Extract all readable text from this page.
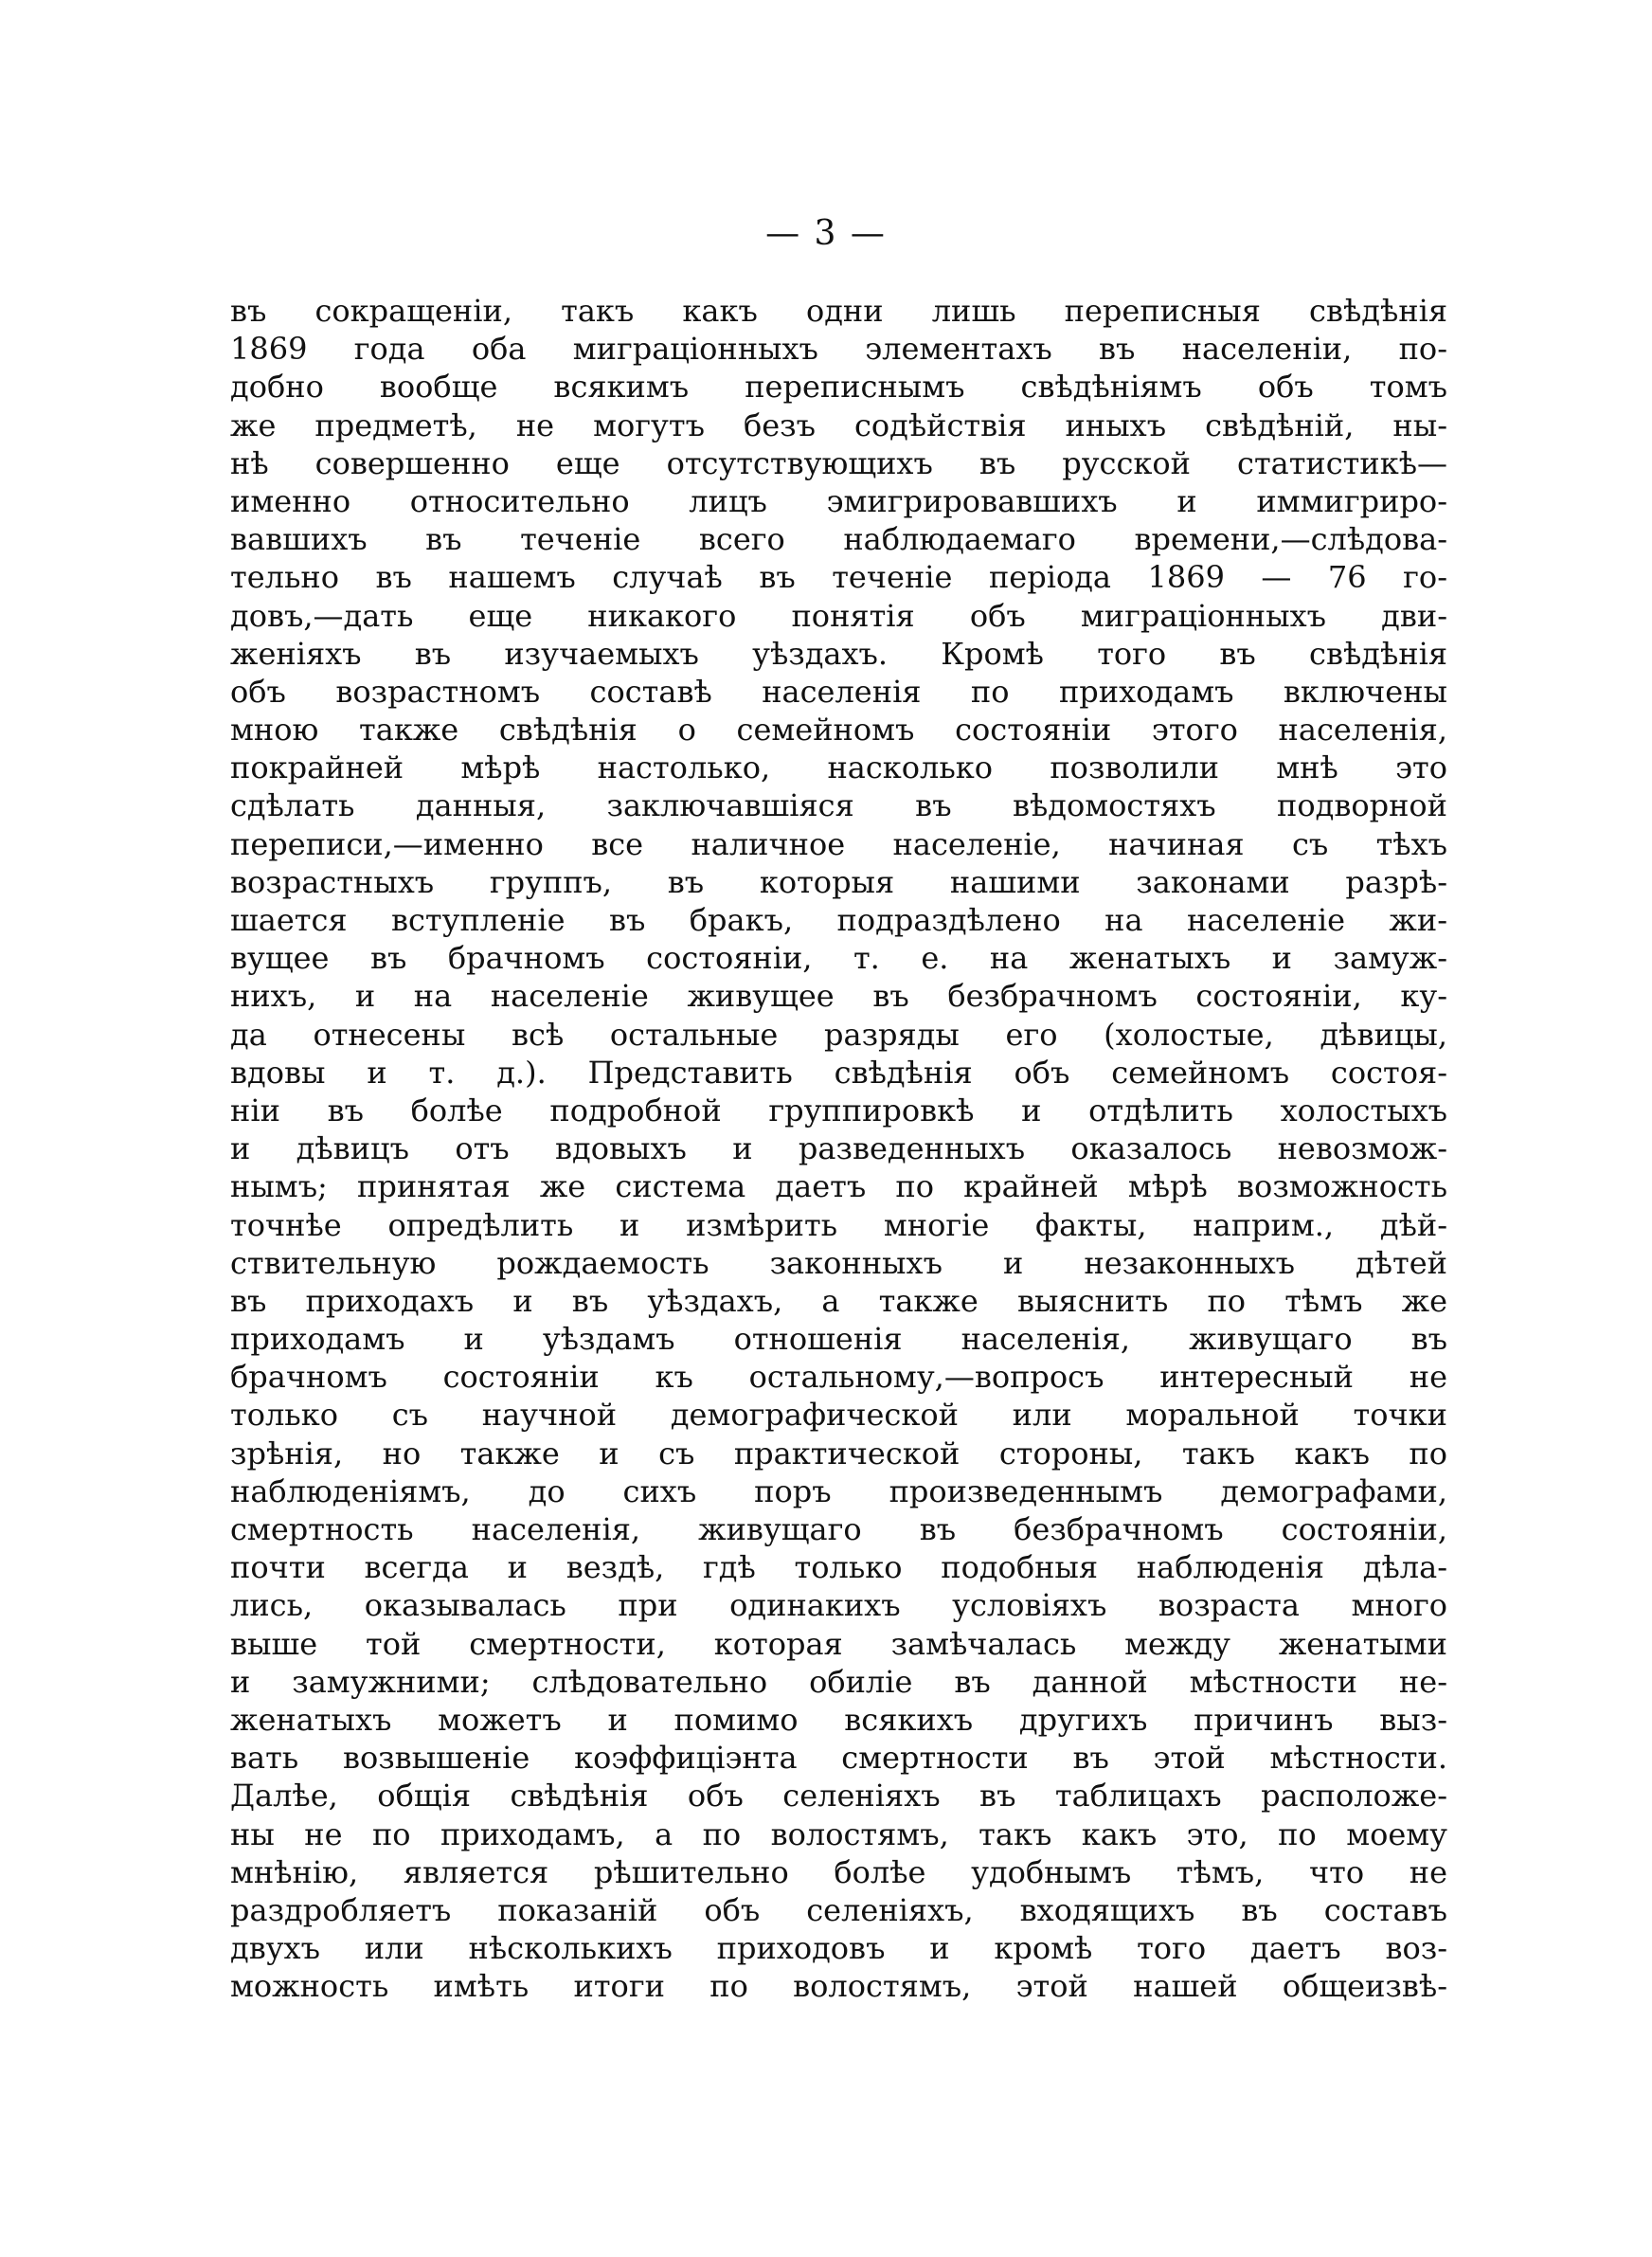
— 3 —
въ сокращеніи, такъ какъ одни лишь переписныя свѣдѣнія
1869 года оба миграціонныхъ элементахъ въ населеніи, по-
добно вообще всякимъ переписнымъ свѣдѣніямъ объ томъ
же предметѣ, не могутъ безъ содѣйствія иныхъ свѣдѣній, ны-
нѣ совершенно еще отсутствующихъ въ русской статистикѣ—
именно относительно лицъ эмигрировавшихъ и иммигриро-
вавшихъ въ теченіе всего наблюдаемаго времени,—слѣдова-
тельно въ нашемъ случаѣ въ теченіе періода 1869 — 76 го-
довъ,—дать еще никакого понятія объ миграціонныхъ дви-
женіяхъ въ изучаемыхъ уѣздахъ. Кромѣ того въ свѣдѣнія
объ возрастномъ составѣ населенія по приходамъ включены
мною также свѣдѣнія о семейномъ состояніи этого населенія,
покрайней мѣрѣ настолько, насколько позволили мнѣ это
сдѣлать данныя, заключавшіяся въ вѣдомостяхъ подворной
переписи,—именно все наличное населеніе, начиная съ тѣхъ
возрастныхъ группъ, въ которыя нашими законами разрѣ-
шается вступленіе въ бракъ, подраздѣлено на населеніе жи-
вущее въ брачномъ состояніи, т. е. на женатыхъ и замуж-
нихъ, и на населеніе живущее въ безбрачномъ состояніи, ку-
да отнесены всѣ остальные разряды его (холостые, дѣвицы,
вдовы и т. д.). Представить свѣдѣнія объ семейномъ состоя-
ніи въ болѣе подробной группировкѣ и отдѣлить холостыхъ
и дѣвицъ отъ вдовыхъ и разведенныхъ оказалось невозмож-
нымъ; принятая же система даетъ по крайней мѣрѣ возможность
точнѣе опредѣлить и измѣрить многіе факты, наприм., дѣй-
ствительную рождаемость законныхъ и незаконныхъ дѣтей
въ приходахъ и въ уѣздахъ, а также выяснить по тѣмъ же
приходамъ и уѣздамъ отношенія населенія, живущаго въ
брачномъ состояніи къ остальному,—вопросъ интересный не
только съ научной демографической или моральной точки
зрѣнія, но также и съ практической стороны, такъ какъ по
наблюденіямъ, до сихъ поръ произведеннымъ демографами,
смертность населенія, живущаго въ безбрачномъ состояніи,
почти всегда и вездѣ, гдѣ только подобныя наблюденія дѣла-
лись, оказывалась при одинакихъ условіяхъ возраста много
выше той смертности, которая замѣчалась между женатыми
и замужними; слѣдовательно обиліе въ данной мѣстности не-
женатыхъ можетъ и помимо всякихъ другихъ причинъ выз-
вать возвышеніе коэффиціэнта смертности въ этой мѣстности.
Далѣе, общія свѣдѣнія объ селеніяхъ въ таблицахъ расположе-
ны не по приходамъ, а по волостямъ, такъ какъ это, по моему
мнѣнію, является рѣшительно болѣе удобнымъ тѣмъ, что не
раздробляетъ показаній объ селеніяхъ, входящихъ въ составъ
двухъ или нѣсколькихъ приходовъ и кромѣ того даетъ воз-
можность имѣть итоги по волостямъ, этой нашей общеизвѣ-
